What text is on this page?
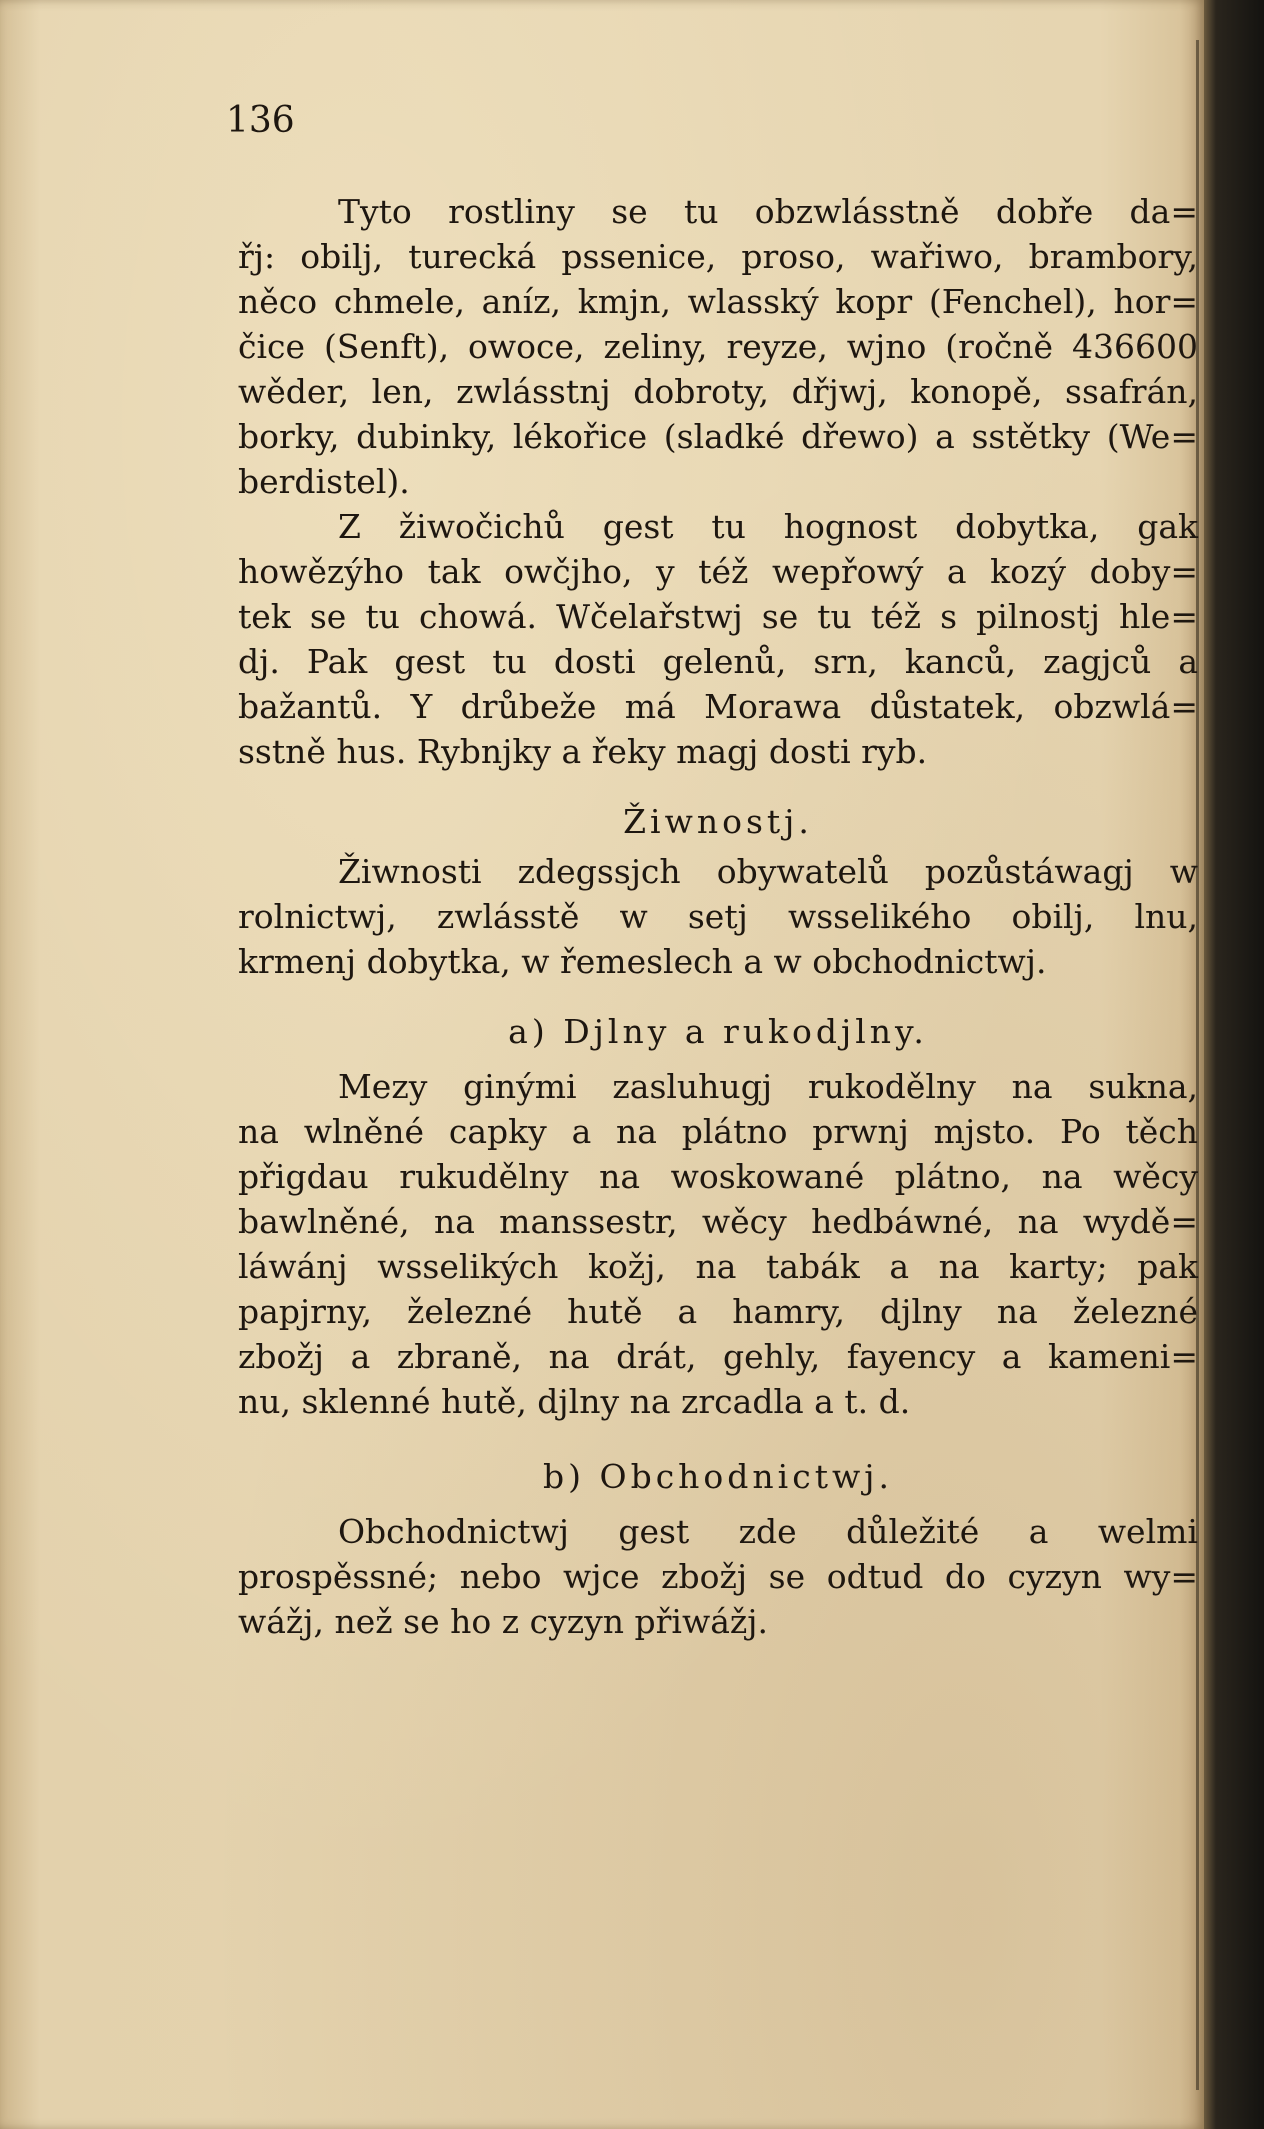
136
Tyto rostliny se tu obzwlásstně dobře da=
řj: obilj, turecká pssenice, proso, wařiwo, brambory,
něco chmele, aníz, kmjn, wlasský kopr (Fenchel), hor=
čice (Senft), owoce, zeliny, reyze, wjno (ročně 436600
wěder, len, zwlásstnj dobroty, dřjwj, konopě, ssafrán,
borky, dubinky, lékořice (sladké dřewo) a sstětky (We=
berdistel).
Z žiwočichů gest tu hognost dobytka, gak
howězýho tak owčjho, y též wepřowý a kozý doby=
tek se tu chowá. Wčelařstwj se tu též s pilnostj hle=
dj. Pak gest tu dosti gelenů, srn, kanců, zagjců a
bažantů. Y drůbeže má Morawa důstatek, obzwlá=
sstně hus. Rybnjky a řeky magj dosti ryb.
Žiwnostj.
Žiwnosti zdegssjch obywatelů pozůstáwagj w
rolnictwj, zwlásstě w setj wsselikého obilj, lnu,
krmenj dobytka, w řemeslech a w obchodnictwj.
a) Djlny a rukodjlny.
Mezy ginými zasluhugj rukodělny na sukna,
na wlněné capky a na plátno prwnj mjsto. Po těch
přigdau rukudělny na woskowané plátno, na wěcy
bawlněné, na manssestr, wěcy hedbáwné, na wydě=
láwánj wsselikých kožj, na tabák a na karty; pak
papjrny, železné hutě a hamry, djlny na železné
zbožj a zbraně, na drát, gehly, fayency a kameni=
nu, sklenné hutě, djlny na zrcadla a t. d.
b) Obchodnictwj.
Obchodnictwj gest zde důležité a welmi
prospěssné; nebo wjce zbožj se odtud do cyzyn wy=
wážj, než se ho z cyzyn přiwážj.
